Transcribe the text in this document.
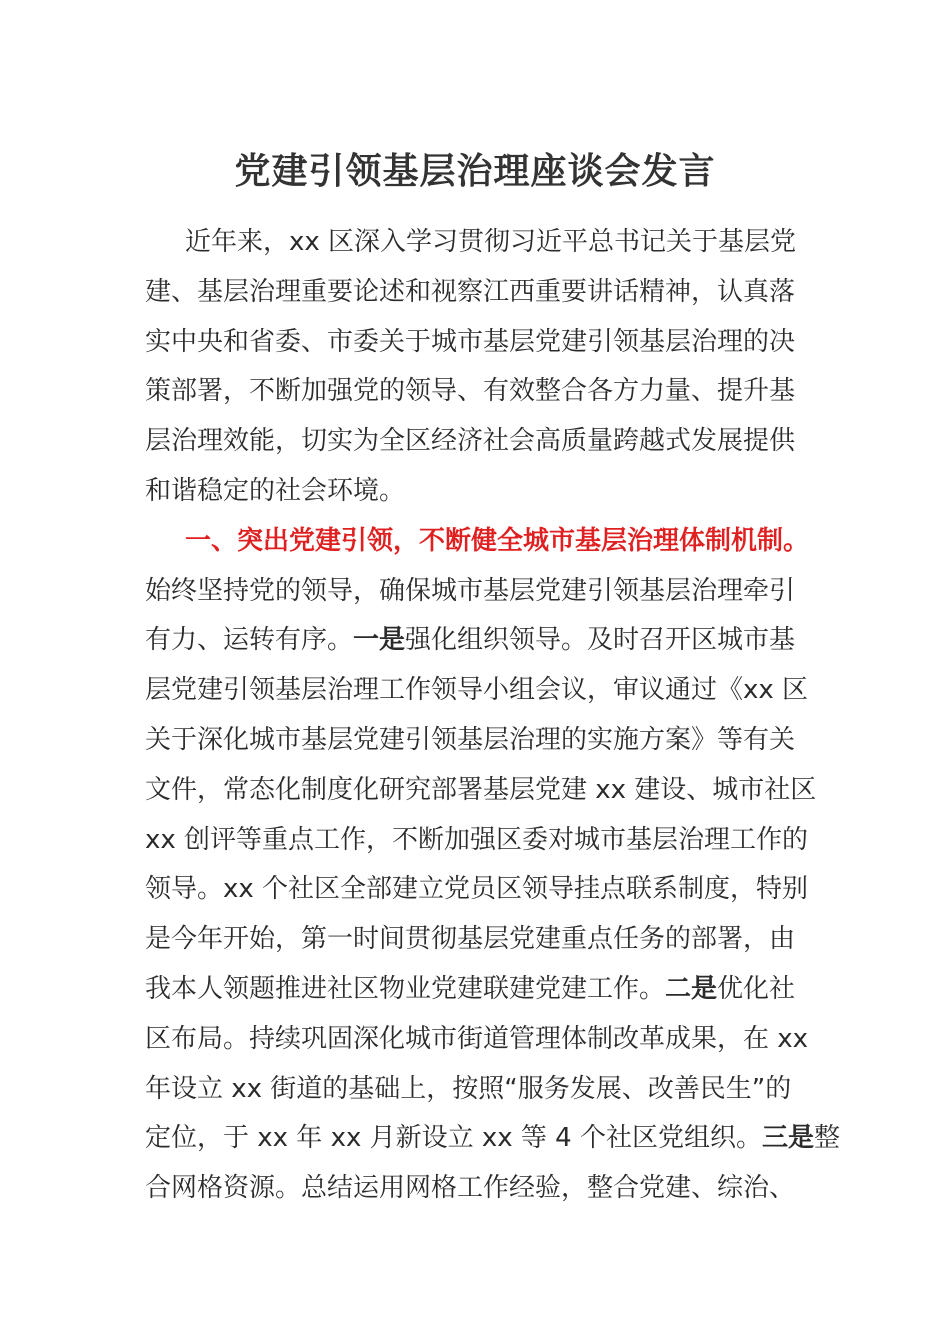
党建引领基层治理座谈会发言
近年来，xx 区深入学习贯彻习近平总书记关于基层党
建、基层治理重要论述和视察江西重要讲话精神，认真落
实中央和省委、市委关于城市基层党建引领基层治理的决
策部署，不断加强党的领导、有效整合各方力量、提升基
层治理效能，切实为全区经济社会高质量跨越式发展提供
和谐稳定的社会环境。
一、突出党建引领，不断健全城市基层治理体制机制。
始终坚持党的领导，确保城市基层党建引领基层治理牵引
有力、运转有序。一是强化组织领导。及时召开区城市基
层党建引领基层治理工作领导小组会议，审议通过《xx 区
关于深化城市基层党建引领基层治理的实施方案》等有关
文件，常态化制度化研究部署基层党建 xx 建设、城市社区
xx 创评等重点工作，不断加强区委对城市基层治理工作的
领导。xx 个社区全部建立党员区领导挂点联系制度，特别
是今年开始，第一时间贯彻基层党建重点任务的部署，由
我本人领题推进社区物业党建联建党建工作。二是优化社
区布局。持续巩固深化城市街道管理体制改革成果，在 xx
年设立 xx 街道的基础上，按照“服务发展、改善民生”的
定位，于 xx 年 xx 月新设立 xx 等 4 个社区党组织。三是整
合网格资源。总结运用网格工作经验，整合党建、综治、
